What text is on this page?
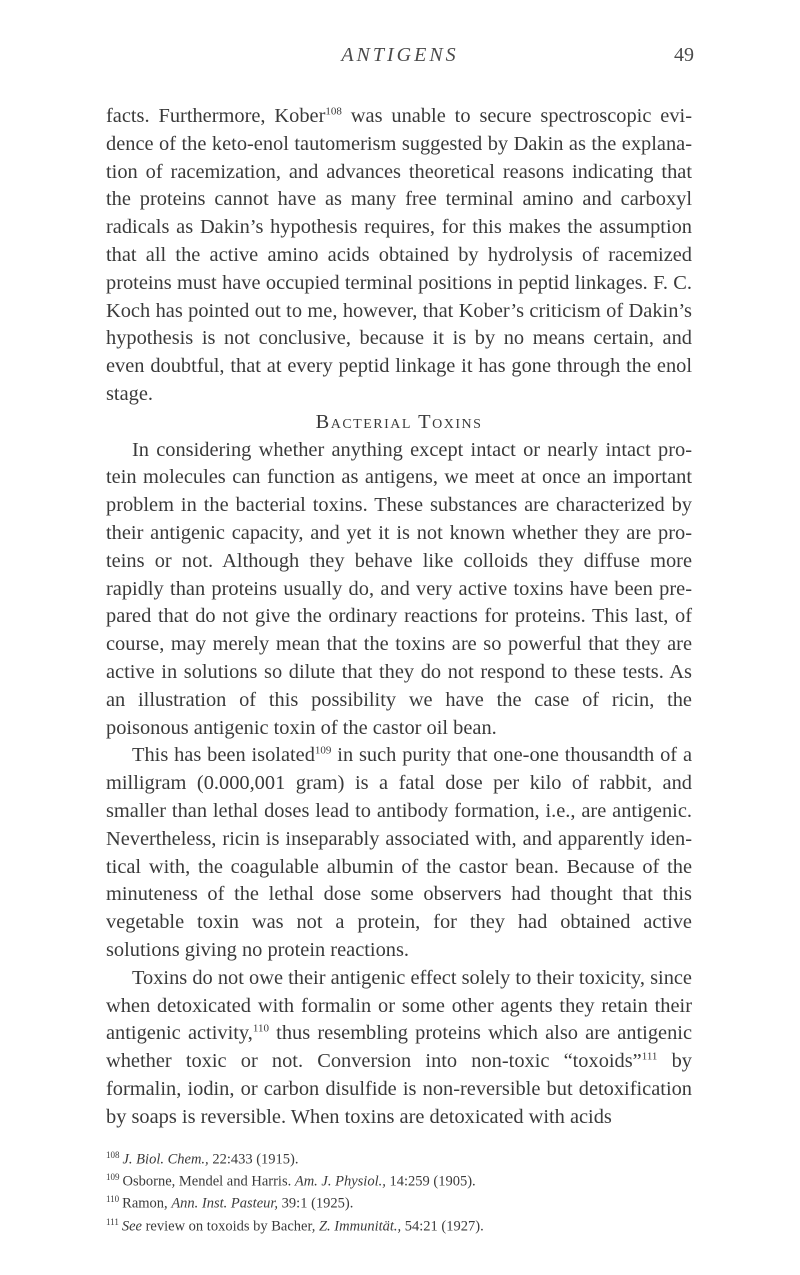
ANTIGENS	49

facts. Furthermore, Kober$^{108}$ was unable to secure spectroscopic evidence of the keto-enol tautomerism suggested by Dakin as the explanation of racemization, and advances theoretical reasons indicating that the proteins cannot have as many free terminal amino and carboxyl radicals as Dakin’s hypothesis requires, for this makes the assumption that all the active amino acids obtained by hydrolysis of racemized proteins must have occupied terminal positions in peptid linkages. F. C. Koch has pointed out to me, however, that Kober’s criticism of Dakin’s hypothesis is not conclusive, because it is by no means certain, and even doubtful, that at every peptid linkage it has gone through the enol stage.

Bacterial Toxins

In considering whether anything except intact or nearly intact protein molecules can function as antigens, we meet at once an important problem in the bacterial toxins. These substances are characterized by their antigenic capacity, and yet it is not known whether they are proteins or not. Although they behave like colloids they diffuse more rapidly than proteins usually do, and very active toxins have been prepared that do not give the ordinary reactions for proteins. This last, of course, may merely mean that the toxins are so powerful that they are active in solutions so dilute that they do not respond to these tests. As an illustration of this possibility we have the case of ricin, the poisonous antigenic toxin of the castor oil bean.

This has been isolated$^{109}$ in such purity that one-one thousandth of a milligram (0.000,001 gram) is a fatal dose per kilo of rabbit, and smaller than lethal doses lead to antibody formation, i.e., are antigenic. Nevertheless, ricin is inseparably associated with, and apparently identical with, the coagulable albumin of the castor bean. Because of the minuteness of the lethal dose some observers had thought that this vegetable toxin was not a protein, for they had obtained active solutions giving no protein reactions.

Toxins do not owe their antigenic effect solely to their toxicity, since when detoxicated with formalin or some other agents they retain their antigenic activity,$^{110}$ thus resembling proteins which also are antigenic whether toxic or not. Conversion into non-toxic “toxoids”$^{111}$ by formalin, iodin, or carbon disulfide is non-reversible but detoxification by soaps is reversible. When toxins are detoxicated with acids

$^{108}$ J. Biol. Chem., 22:433 (1915).
$^{109}$ Osborne, Mendel and Harris. Am. J. Physiol., 14:259 (1905).
$^{110}$ Ramon, Ann. Inst. Pasteur, 39:1 (1925).
$^{111}$ See review on toxoids by Bacher, Z. Immunität., 54:21 (1927).
